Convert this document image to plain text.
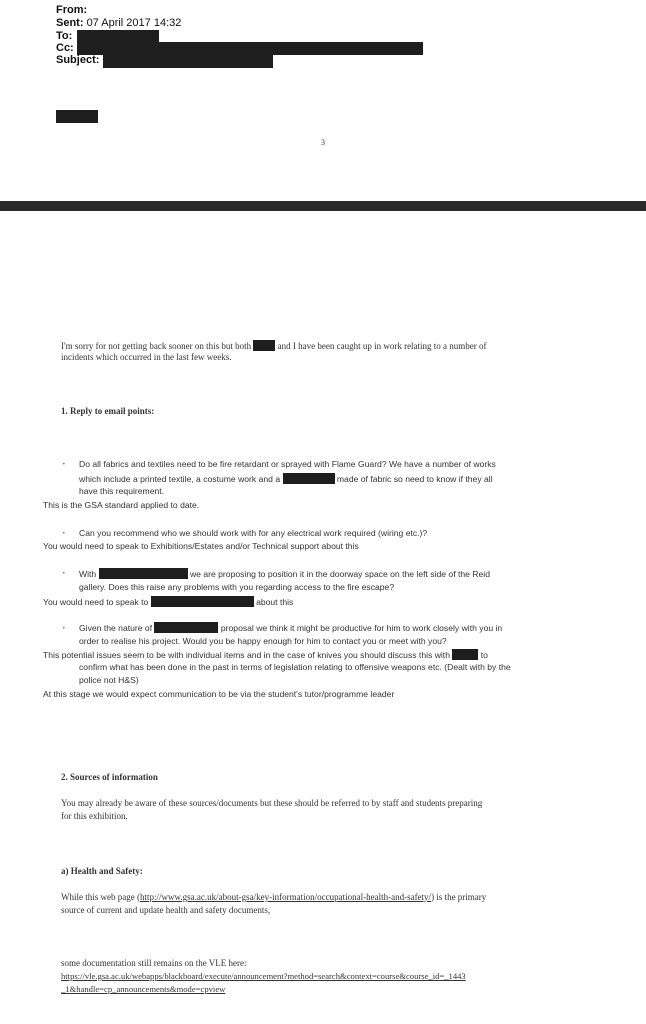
From:
Sent: 07 April 2017 14:32
To:
Cc:
Subject:
3
I'm sorry for not getting back sooner on this but both	and I have been caught up in work relating to a number of
incidents which occurred in the last few weeks.
1. Reply to email points:
• Do all fabrics and textiles need to be fire retardant or sprayed with Flame Guard? We have a number of works
which include a printed textile, a costume work and a	made of fabric so need to know if they all
have this requirement.
This is the GSA standard applied to date.
• Can you recommend who we should work with for any electrical work required (wiring etc.)?
You would need to speak to Exhibitions/Estates and/or Technical support about this
• With	we are proposing to position it in the doorway space on the left side of the Reid
gallery. Does this raise any problems with you regarding access to the fire escape?
You would need to speak to	about this
• Given the nature of	proposal we think it might be productive for him to work closely with you in
order to realise his project. Would you be happy enough for him to contact you or meet with you?
This potential issues seem to be with individual items and in the case of knives you should discuss this with	to
confirm what has been done in the past in terms of legislation relating to offensive weapons etc. (Dealt with by the
police not H&S)
At this stage we would expect communication to be via the student's tutor/programme leader
2. Sources of information
You may already be aware of these sources/documents but these should be referred to by staff and students preparing
for this exhibition.
a) Health and Safety:
While this web page (http://www.gsa.ac.uk/about-gsa/key-information/occupational-health-and-safety/) is the primary
source of current and update health and safety documents,
some documentation still remains on the VLE here:
https://vle.gsa.ac.uk/webapps/blackboard/execute/announcement?method=search&context=course&course_id=_1443
_1&handle=cp_announcements&mode=cpview
